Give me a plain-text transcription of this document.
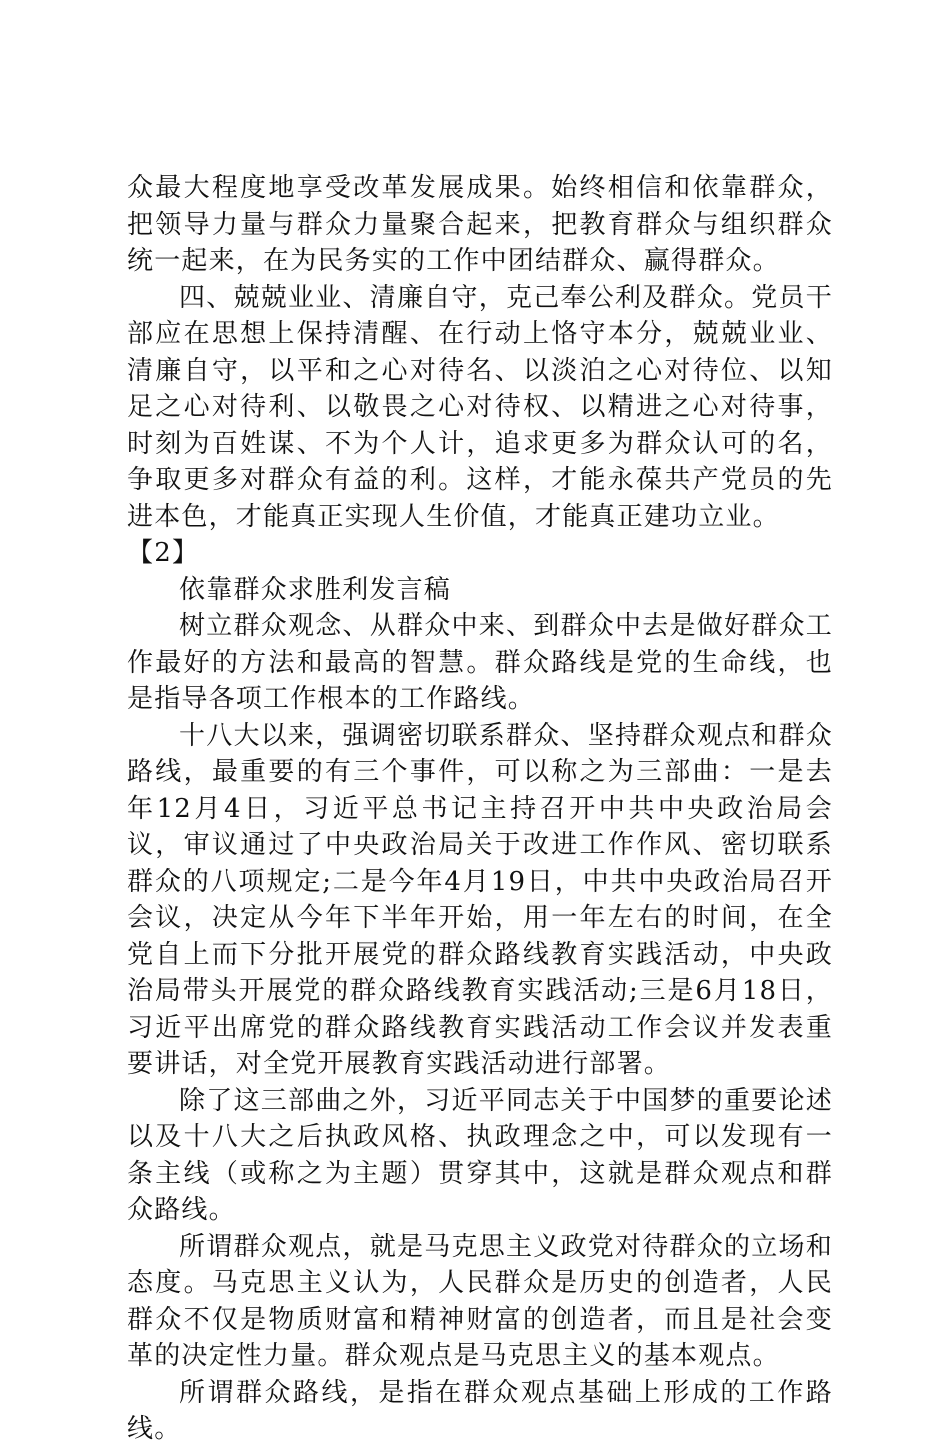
众最大程度地享受改革发展成果。始终相信和依靠群众，把领导力量与群众力量聚合起来，把教育群众与组织群众统一起来，在为民务实的工作中团结群众、赢得群众。

四、兢兢业业、清廉自守，克己奉公利及群众。党员干部应在思想上保持清醒、在行动上恪守本分，兢兢业业、清廉自守，以平和之心对待名、以淡泊之心对待位、以知足之心对待利、以敬畏之心对待权、以精进之心对待事，时刻为百姓谋、不为个人计，追求更多为群众认可的名，争取更多对群众有益的利。这样，才能永葆共产党员的先进本色，才能真正实现人生价值，才能真正建功立业。

【2】

依靠群众求胜利发言稿

树立群众观念、从群众中来、到群众中去是做好群众工作最好的方法和最高的智慧。群众路线是党的生命线，也是指导各项工作根本的工作路线。

十八大以来，强调密切联系群众、坚持群众观点和群众路线，最重要的有三个事件，可以称之为三部曲：一是去年12月4日，习近平总书记主持召开中共中央政治局会议，审议通过了中央政治局关于改进工作作风、密切联系群众的八项规定;二是今年4月19日，中共中央政治局召开会议，决定从今年下半年开始，用一年左右的时间，在全党自上而下分批开展党的群众路线教育实践活动，中央政治局带头开展党的群众路线教育实践活动;三是6月18日，习近平出席党的群众路线教育实践活动工作会议并发表重要讲话，对全党开展教育实践活动进行部署。

除了这三部曲之外，习近平同志关于中国梦的重要论述以及十八大之后执政风格、执政理念之中，可以发现有一条主线（或称之为主题）贯穿其中，这就是群众观点和群众路线。

所谓群众观点，就是马克思主义政党对待群众的立场和态度。马克思主义认为，人民群众是历史的创造者，人民群众不仅是物质财富和精神财富的创造者，而且是社会变革的决定性力量。群众观点是马克思主义的基本观点。

所谓群众路线，是指在群众观点基础上形成的工作路线。
